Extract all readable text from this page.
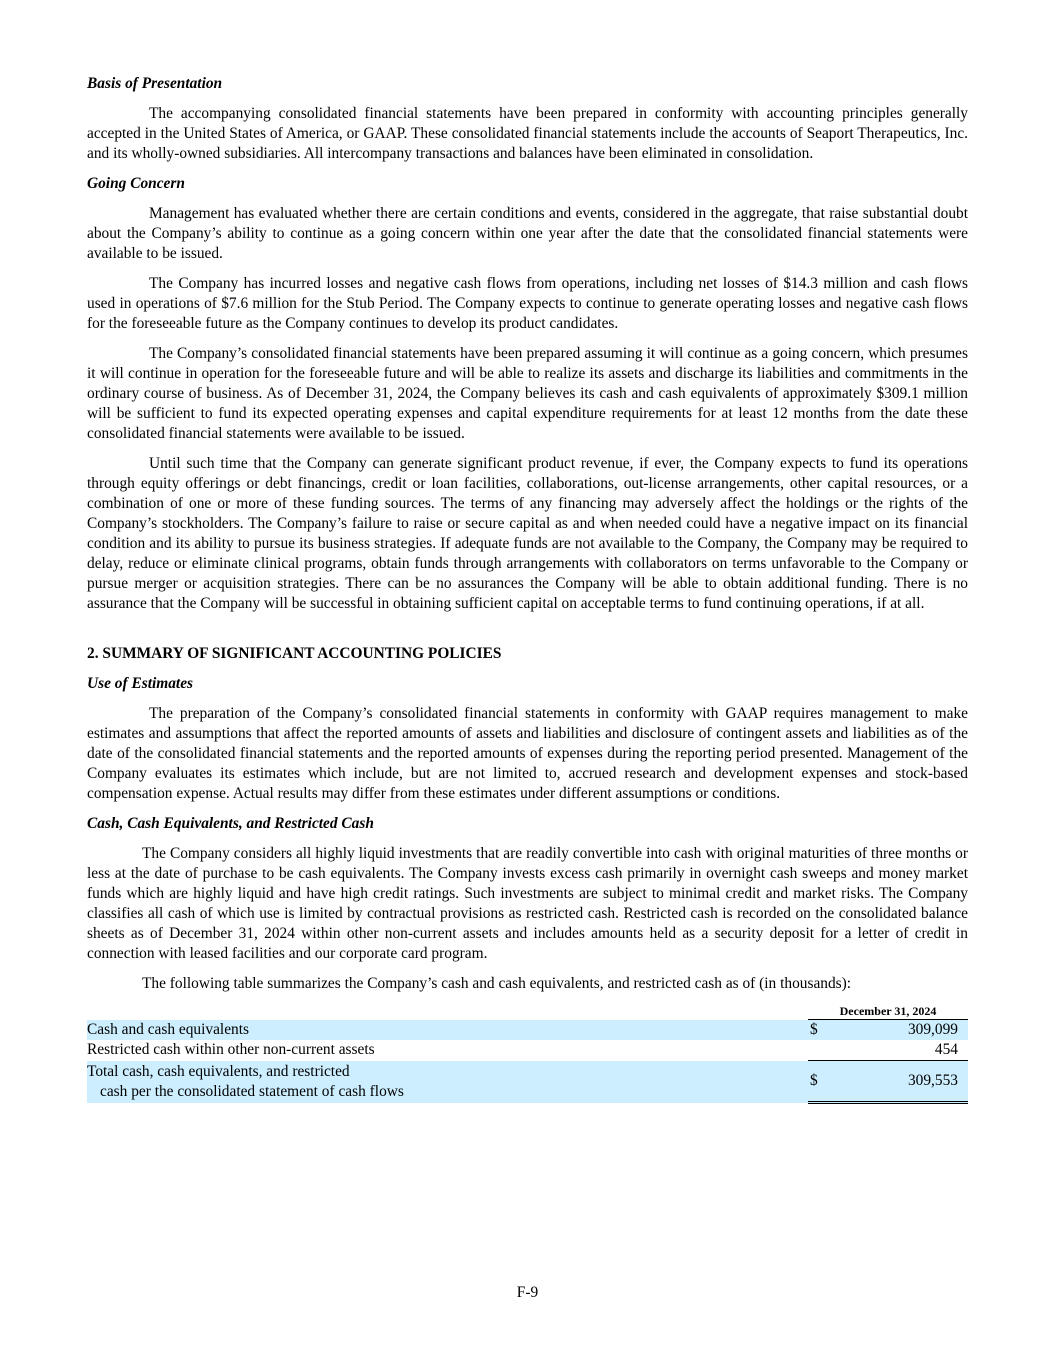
Basis of Presentation

The accompanying consolidated financial statements have been prepared in conformity with accounting principles generally accepted in the United States of America, or GAAP. These consolidated financial statements include the accounts of Seaport Therapeutics, Inc. and its wholly-owned subsidiaries. All intercompany transactions and balances have been eliminated in consolidation.

Going Concern

Management has evaluated whether there are certain conditions and events, considered in the aggregate, that raise substantial doubt about the Company’s ability to continue as a going concern within one year after the date that the consolidated financial statements were available to be issued.

The Company has incurred losses and negative cash flows from operations, including net losses of $14.3 million and cash flows used in operations of $7.6 million for the Stub Period. The Company expects to continue to generate operating losses and negative cash flows for the foreseeable future as the Company continues to develop its product candidates.

The Company’s consolidated financial statements have been prepared assuming it will continue as a going concern, which presumes it will continue in operation for the foreseeable future and will be able to realize its assets and discharge its liabilities and commitments in the ordinary course of business. As of December 31, 2024, the Company believes its cash and cash equivalents of approximately $309.1 million will be sufficient to fund its expected operating expenses and capital expenditure requirements for at least 12 months from the date these consolidated financial statements were available to be issued.

Until such time that the Company can generate significant product revenue, if ever, the Company expects to fund its operations through equity offerings or debt financings, credit or loan facilities, collaborations, out-license arrangements, other capital resources, or a combination of one or more of these funding sources. The terms of any financing may adversely affect the holdings or the rights of the Company’s stockholders. The Company’s failure to raise or secure capital as and when needed could have a negative impact on its financial condition and its ability to pursue its business strategies. If adequate funds are not available to the Company, the Company may be required to delay, reduce or eliminate clinical programs, obtain funds through arrangements with collaborators on terms unfavorable to the Company or pursue merger or acquisition strategies. There can be no assurances the Company will be able to obtain additional funding. There is no assurance that the Company will be successful in obtaining sufficient capital on acceptable terms to fund continuing operations, if at all.

2. SUMMARY OF SIGNIFICANT ACCOUNTING POLICIES
Use of Estimates

The preparation of the Company’s consolidated financial statements in conformity with GAAP requires management to make estimates and assumptions that affect the reported amounts of assets and liabilities and disclosure of contingent assets and liabilities as of the date of the consolidated financial statements and the reported amounts of expenses during the reporting period presented. Management of the Company evaluates its estimates which include, but are not limited to, accrued research and development expenses and stock-based compensation expense. Actual results may differ from these estimates under different assumptions or conditions.

Cash, Cash Equivalents, and Restricted Cash

The Company considers all highly liquid investments that are readily convertible into cash with original maturities of three months or less at the date of purchase to be cash equivalents. The Company invests excess cash primarily in overnight cash sweeps and money market funds which are highly liquid and have high credit ratings. Such investments are subject to minimal credit and market risks. The Company classifies all cash of which use is limited by contractual provisions as restricted cash. Restricted cash is recorded on the consolidated balance sheets as of December 31, 2024 within other non-current assets and includes amounts held as a security deposit for a letter of credit in connection with leased facilities and our corporate card program.

The following table summarizes the Company’s cash and cash equivalents, and restricted cash as of (in thousands):

	December 31, 2024	
Cash and cash equivalents	$	309,099
Restricted cash within other non-current assets		454
Total cash, cash equivalents, and restricted
cash per the consolidated statement of cash flows	$	309,553
F-9
